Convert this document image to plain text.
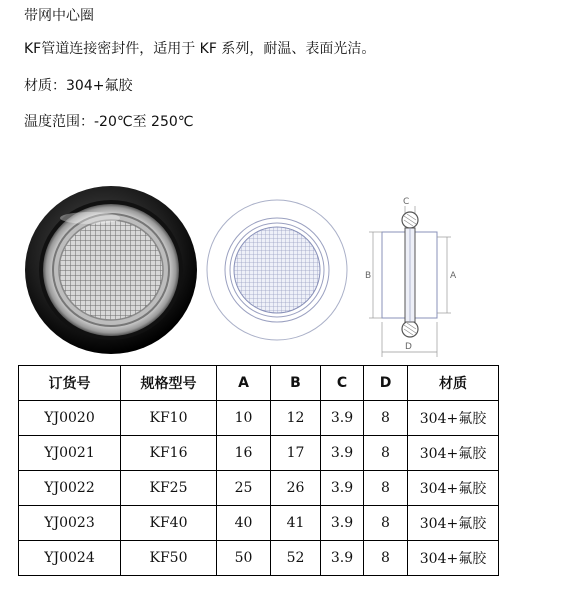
带网中心圈
KF管道连接密封件，适用于 KF 系列，耐温、表面光洁。
材质：304+氟胶
温度范围：-20℃至 250℃
C
B	A
D
订货号	规格型号	A	B	C	D	材质
YJ0020	KF10	10	12	3.9	8	304+氟胶
YJ0021	KF16	16	17	3.9	8	304+氟胶
YJ0022	KF25	25	26	3.9	8	304+氟胶
YJ0023	KF40	40	41	3.9	8	304+氟胶
YJ0024	KF50	50	52	3.9	8	304+氟胶
